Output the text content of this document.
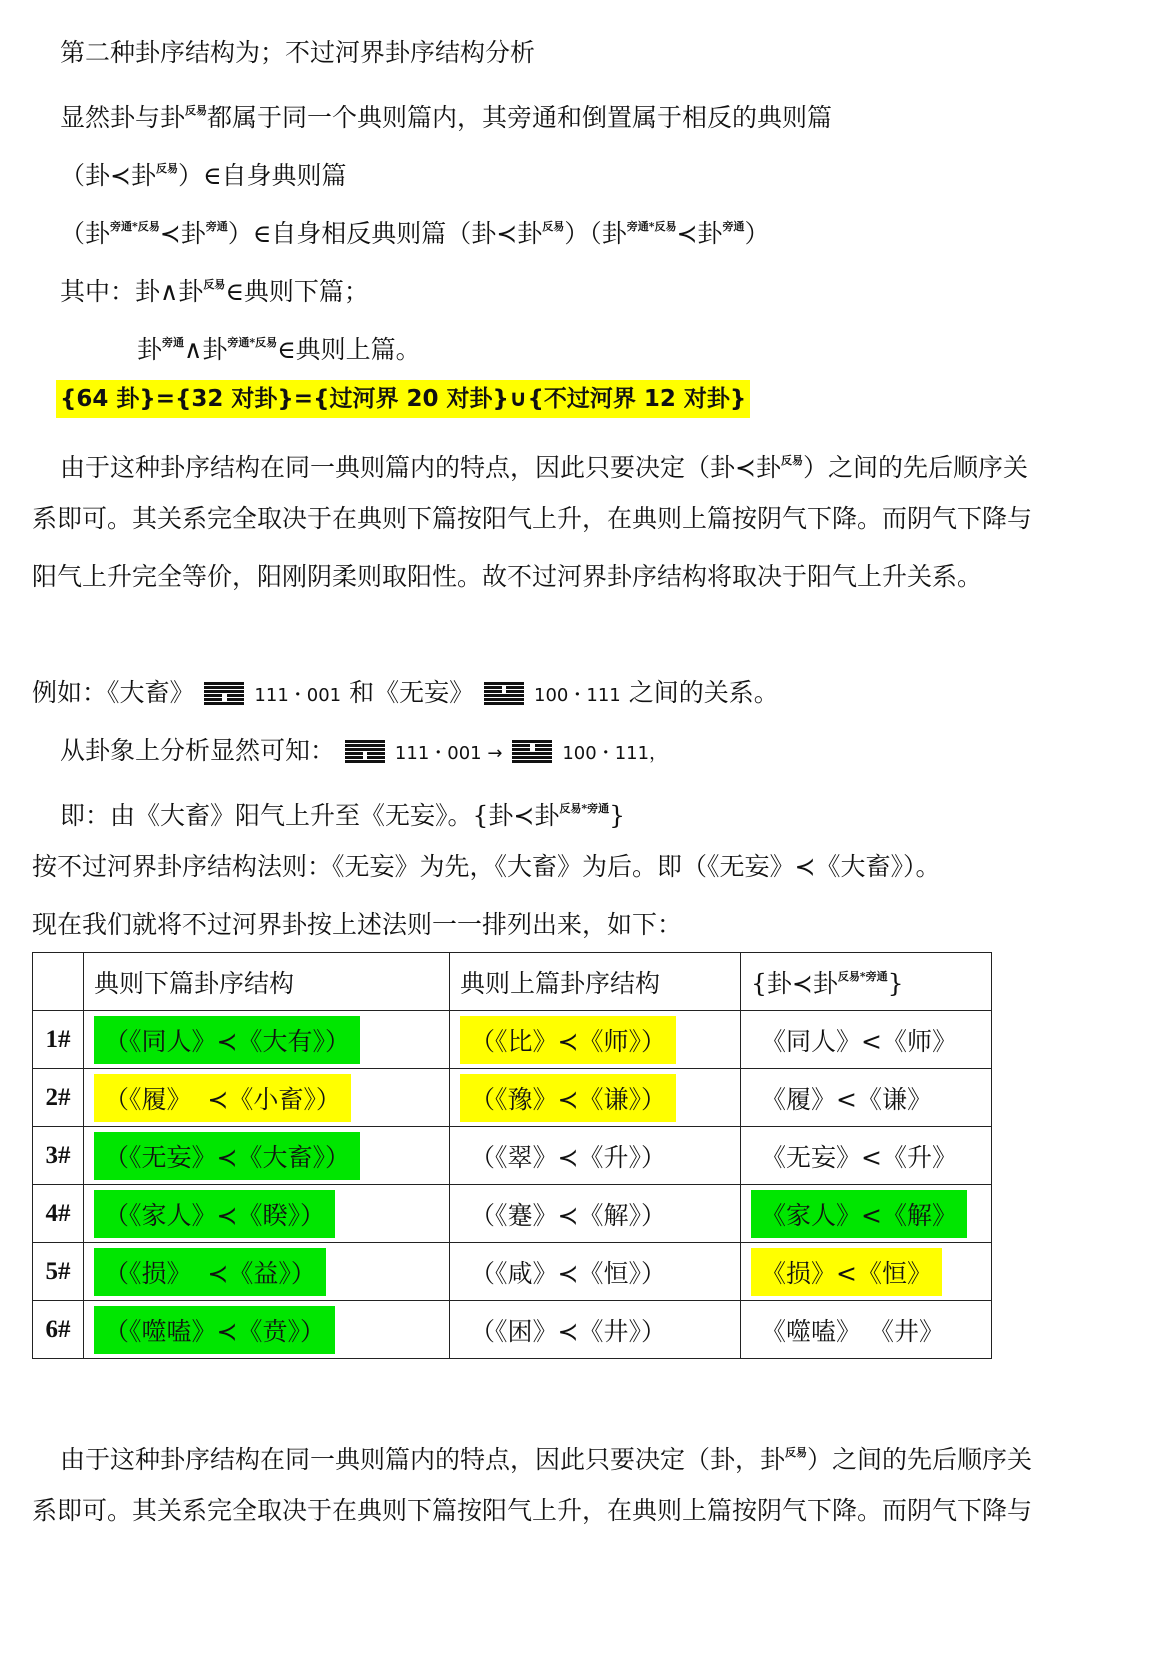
第二种卦序结构为；不过河界卦序结构分析
显然卦与卦$^{反易}$都属于同一个典则篇内，其旁通和倒置属于相反的典则篇
（卦≺卦$^{反易}$）∈自身典则篇
（卦$^{旁通*反易}$≺卦$^{旁通}$）∈自身相反典则篇（卦≺卦$^{反易}$）（卦$^{旁通*反易}$≺卦$^{旁通}$）
其中：卦∧卦$^{反易}$∈典则下篇；
卦$^{旁通}$∧卦$^{旁通*反易}$∈典则上篇。
{64 卦}={32 对卦}={过河界 20 对卦}∪{不过河界 12 对卦}
由于这种卦序结构在同一典则篇内的特点，因此只要决定（卦≺卦$^{反易}$）之间的先后顺序关
系即可。其关系完全取决于在典则下篇按阳气上升，在典则上篇按阴气下降。而阴气下降与
阳气上升完全等价，阳刚阴柔则取阳性。故不过河界卦序结构将取决于阳气上升关系。
例如：《大畜》	111・001 和《无妄》	100・111 之间的关系。
从卦象上分析显然可知：	111・001 →	100・111，
即：由《大畜》阳气上升至《无妄》。{卦≺卦$^{反易*旁通}$}
按不过河界卦序结构法则：《无妄》为先，《大畜》为后。即（《无妄》≺《大畜》）。
现在我们就将不过河界卦按上述法则一一排列出来，如下：
	典则下篇卦序结构	典则上篇卦序结构	{卦≺卦$^{反易*旁通}$}
1#	（《同人》≺《大有》）	（《比》≺《师》）	《同人》<《师》
2#	（《履》  ≺《小畜》）	（《豫》≺《谦》）	《履》<《谦》
3#	（《无妄》≺《大畜》）	（《翠》≺《升》）	《无妄》<《升》
4#	（《家人》≺《睽》）	（《蹇》≺《解》）	《家人》<《解》
5#	（《损》  ≺《益》）	（《咸》≺《恒》）	《损》<《恒》
6#	（《噬嗑》≺《贲》）	（《困》≺《井》）	《噬嗑》 《井》
由于这种卦序结构在同一典则篇内的特点，因此只要决定（卦，卦$^{反易}$）之间的先后顺序关
系即可。其关系完全取决于在典则下篇按阳气上升，在典则上篇按阴气下降。而阴气下降与
